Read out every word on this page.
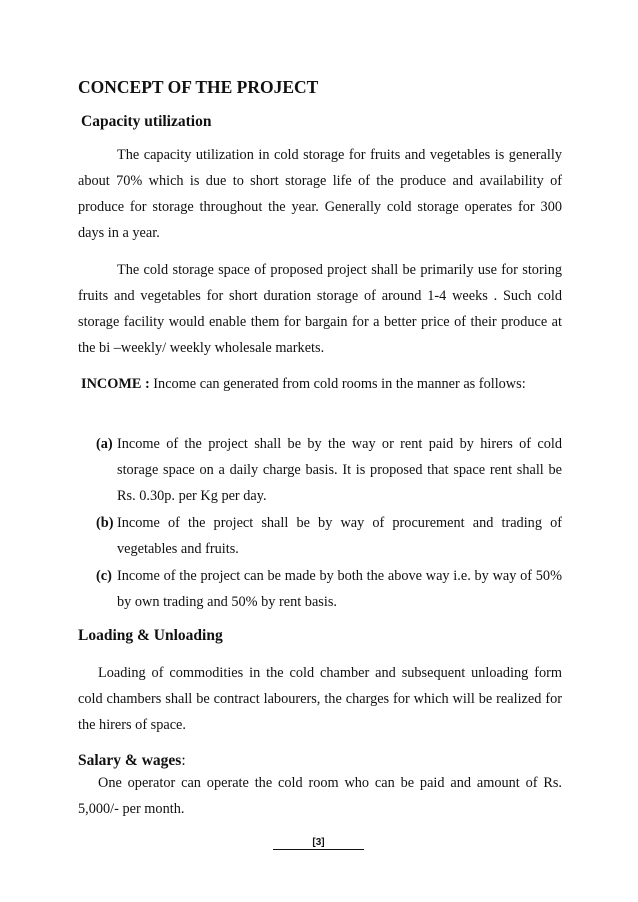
CONCEPT OF THE PROJECT
Capacity utilization
The capacity utilization in cold storage for fruits and vegetables is generally about 70% which is due to short storage life of the produce and availability of produce for storage throughout the year. Generally cold storage operates for 300 days in a year.
The cold storage space of proposed project shall be primarily use for storing fruits and vegetables for short duration storage of around 1-4 weeks . Such cold storage facility would enable them for bargain for a better price of their produce at the bi –weekly/ weekly wholesale markets.
INCOME : Income can generated from cold rooms in the manner as follows:
(a) Income of the project shall be by the way or rent paid by hirers of cold storage space on a daily charge basis. It is proposed that space rent shall be Rs. 0.30p. per Kg per day.
(b) Income of the project shall be by way of procurement and trading of vegetables and fruits.
(c) Income of the project can be made by both the above way i.e. by way of 50% by own trading and 50% by rent basis.
Loading & Unloading
Loading of commodities in the cold chamber and subsequent unloading form cold chambers shall be contract labourers, the charges for which will be realized for the hirers of space.
Salary & wages:
One operator can operate the cold room who can be paid and amount of Rs. 5,000/- per month.
[3]
